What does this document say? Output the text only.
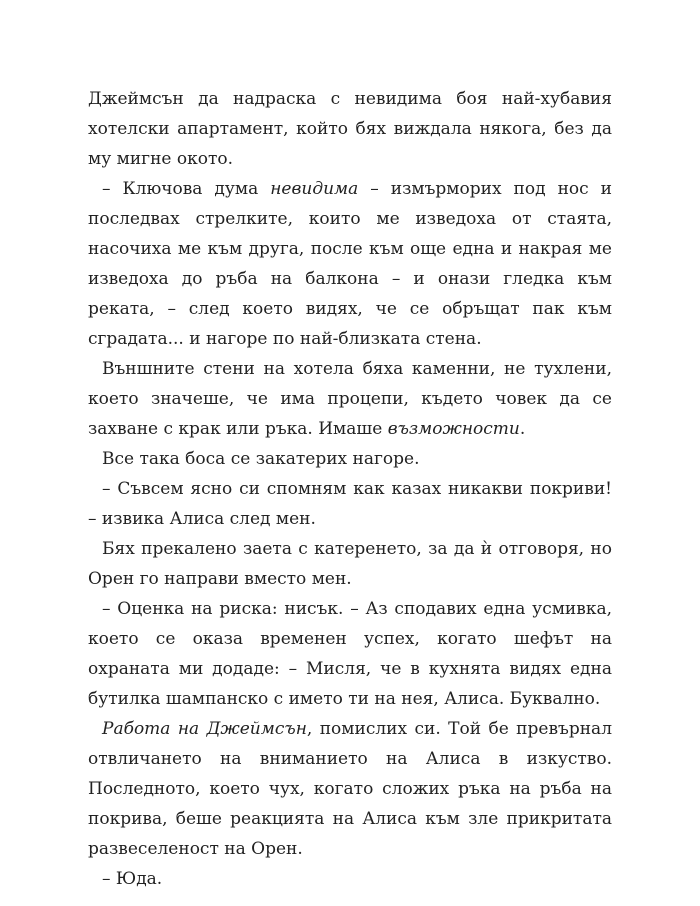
Джеймсън да надраска с невидима боя най-хубавия хотелски апартамент, който бях виждала някога, без да му мигне окото.

– Ключова дума невидима – измърморих под нос и последвах стрелките, които ме изведоха от стаята, насочиха ме към друга, после към още една и накрая ме изведоха до ръба на балкона – и онази гледка към реката, – след което видях, че се обръщат пак към сградата... и нагоре по най-близката стена.

Външните стени на хотела бяха каменни, не тухлени, което значеше, че има процепи, където човек да се захване с крак или ръка. Имаше възможности.

Все така боса се закатерих нагоре.

– Съвсем ясно си спомням как казах никакви покриви! – извика Алиса след мен.

Бях прекалено заета с катеренето, за да ѝ отговоря, но Орен го направи вместо мен.

– Оценка на риска: нисък. – Аз сподавих една усмивка, което се оказа временен успех, когато шефът на охраната ми додаде: – Мисля, че в кухнята видях една бутилка шампанско с името ти на нея, Алиса. Буквално.

Работа на Джеймсън, помислих си. Той бе превърнал отвличането на вниманието на Алиса в изкуство. Последното, което чух, когато сложих ръка на ръба на покрива, беше реакцията на Алиса към зле прикритата развеселеност на Орен.

– Юда.
